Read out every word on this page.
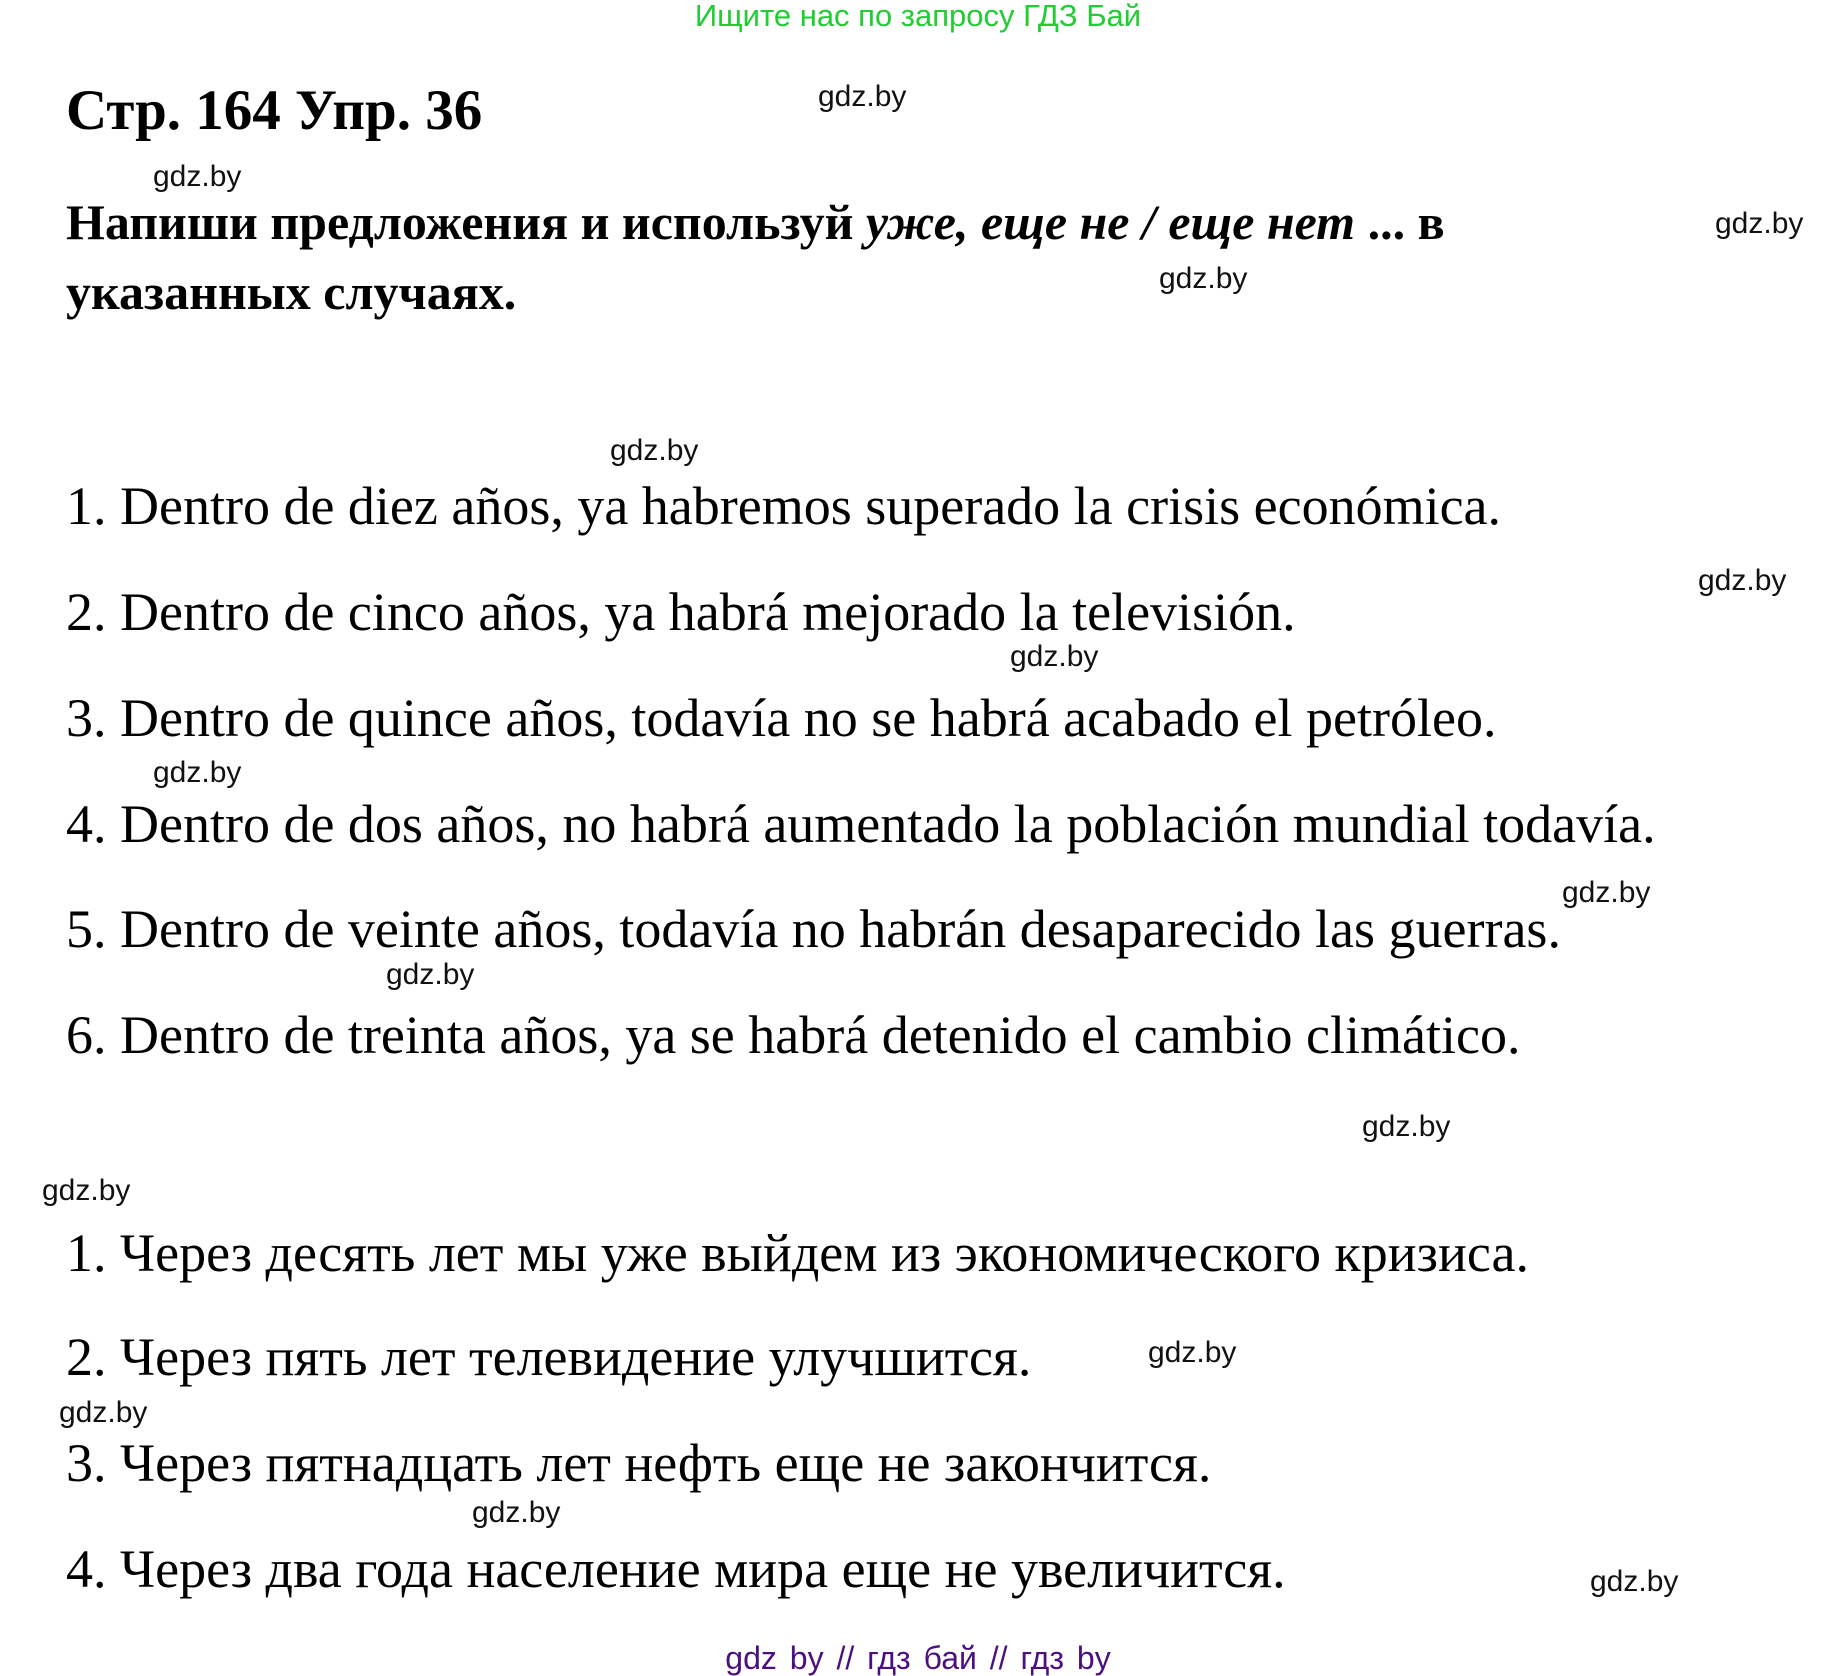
Ищите нас по запросу ГДЗ Бай
Стр. 164 Упр. 36
Напиши предложения и используй уже, еще не / еще нет ... в
указанных случаях.
1. Dentro de diez años, ya habremos superado la crisis económica.
2. Dentro de cinco años, ya habrá mejorado la televisión.
3. Dentro de quince años, todavía no se habrá acabado el petróleo.
4. Dentro de dos años, no habrá aumentado la población mundial todavía.
5. Dentro de veinte años, todavía no habrán desaparecido las guerras.
6. Dentro de treinta años, ya se habrá detenido el cambio climático.
1. Через десять лет мы уже выйдем из экономического кризиса.
2. Через пять лет телевидение улучшится.
3. Через пятнадцать лет нефть еще не закончится.
4. Через два года население мира еще не увеличится.
gdz.by
gdz.by
gdz.by
gdz.by
gdz.by
gdz.by
gdz.by
gdz.by
gdz.by
gdz.by
gdz.by
gdz.by
gdz.by
gdz.by
gdz.by
gdz.by
gdz by // гдз бай // гдз by
